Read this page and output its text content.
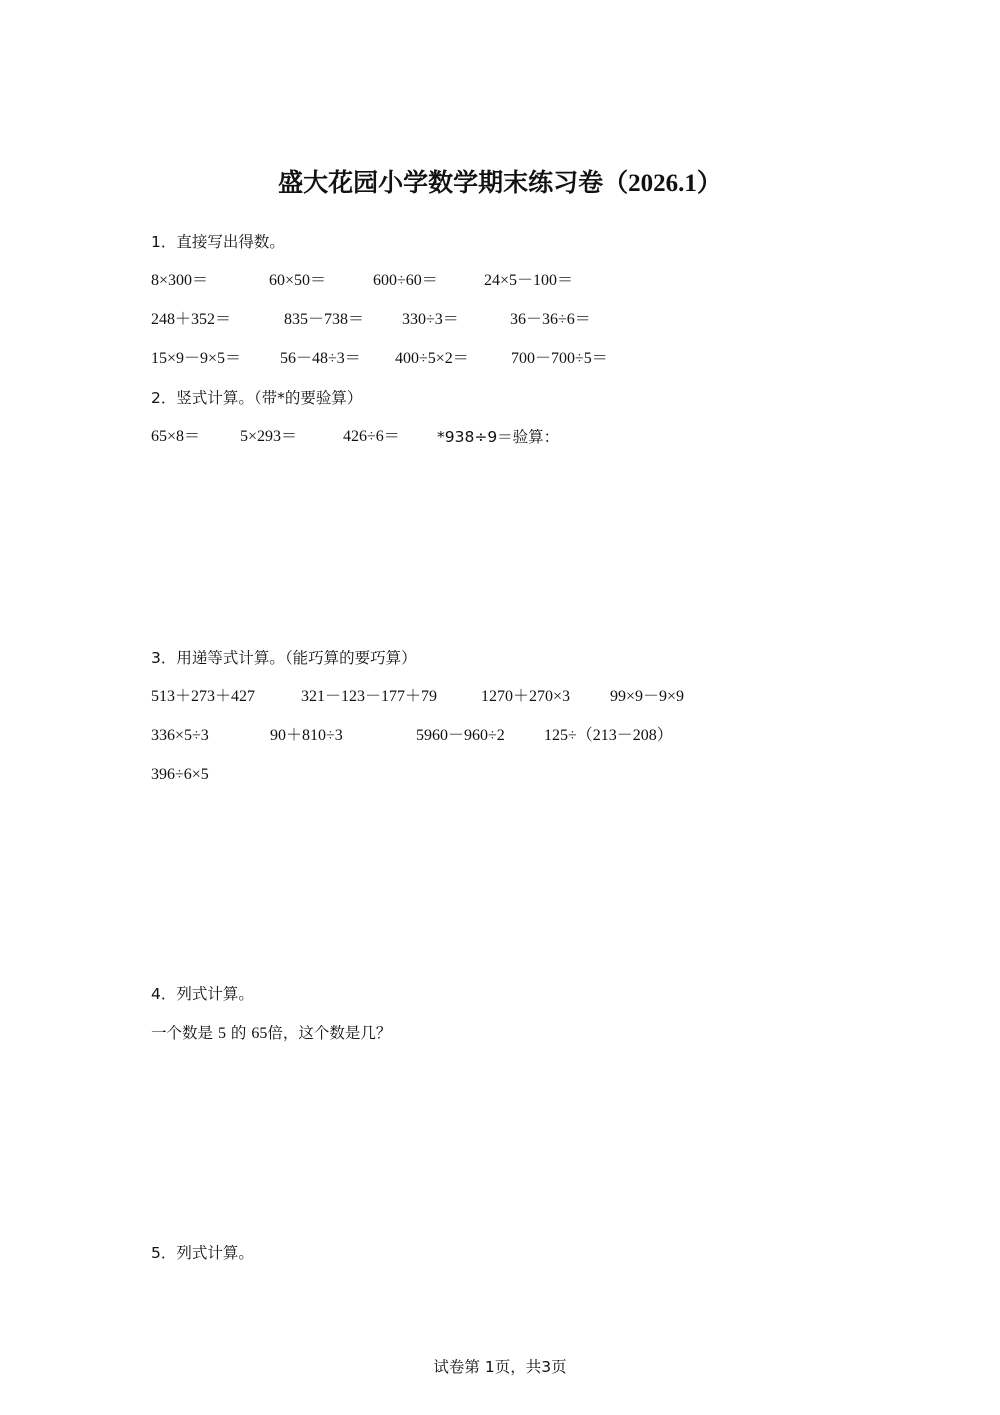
盛大花园小学数学期末练习卷（2026.1）
1．直接写出得数。
8×300＝	60×50＝	600÷60＝	24×5－100＝
248＋352＝	835－738＝ 330÷3＝	36－36÷6＝
15×9－9×5＝ 56－48÷3＝ 400÷5×2＝	700－700÷5＝
2．竖式计算。（带*的要验算）
65×8＝ 5×293＝	426÷6＝ *938÷9＝验算：
3．用递等式计算。（能巧算的要巧算）
513＋273＋427	321－123－177＋79	1270＋270×3 99×9－9×9
336×5÷3	90＋810÷3	5960－960÷2 125÷（213－208）
396÷6×5
4．列式计算。
一个数是 5 的 65倍，这个数是几？
5．列式计算。
试卷第 1页，共3页
